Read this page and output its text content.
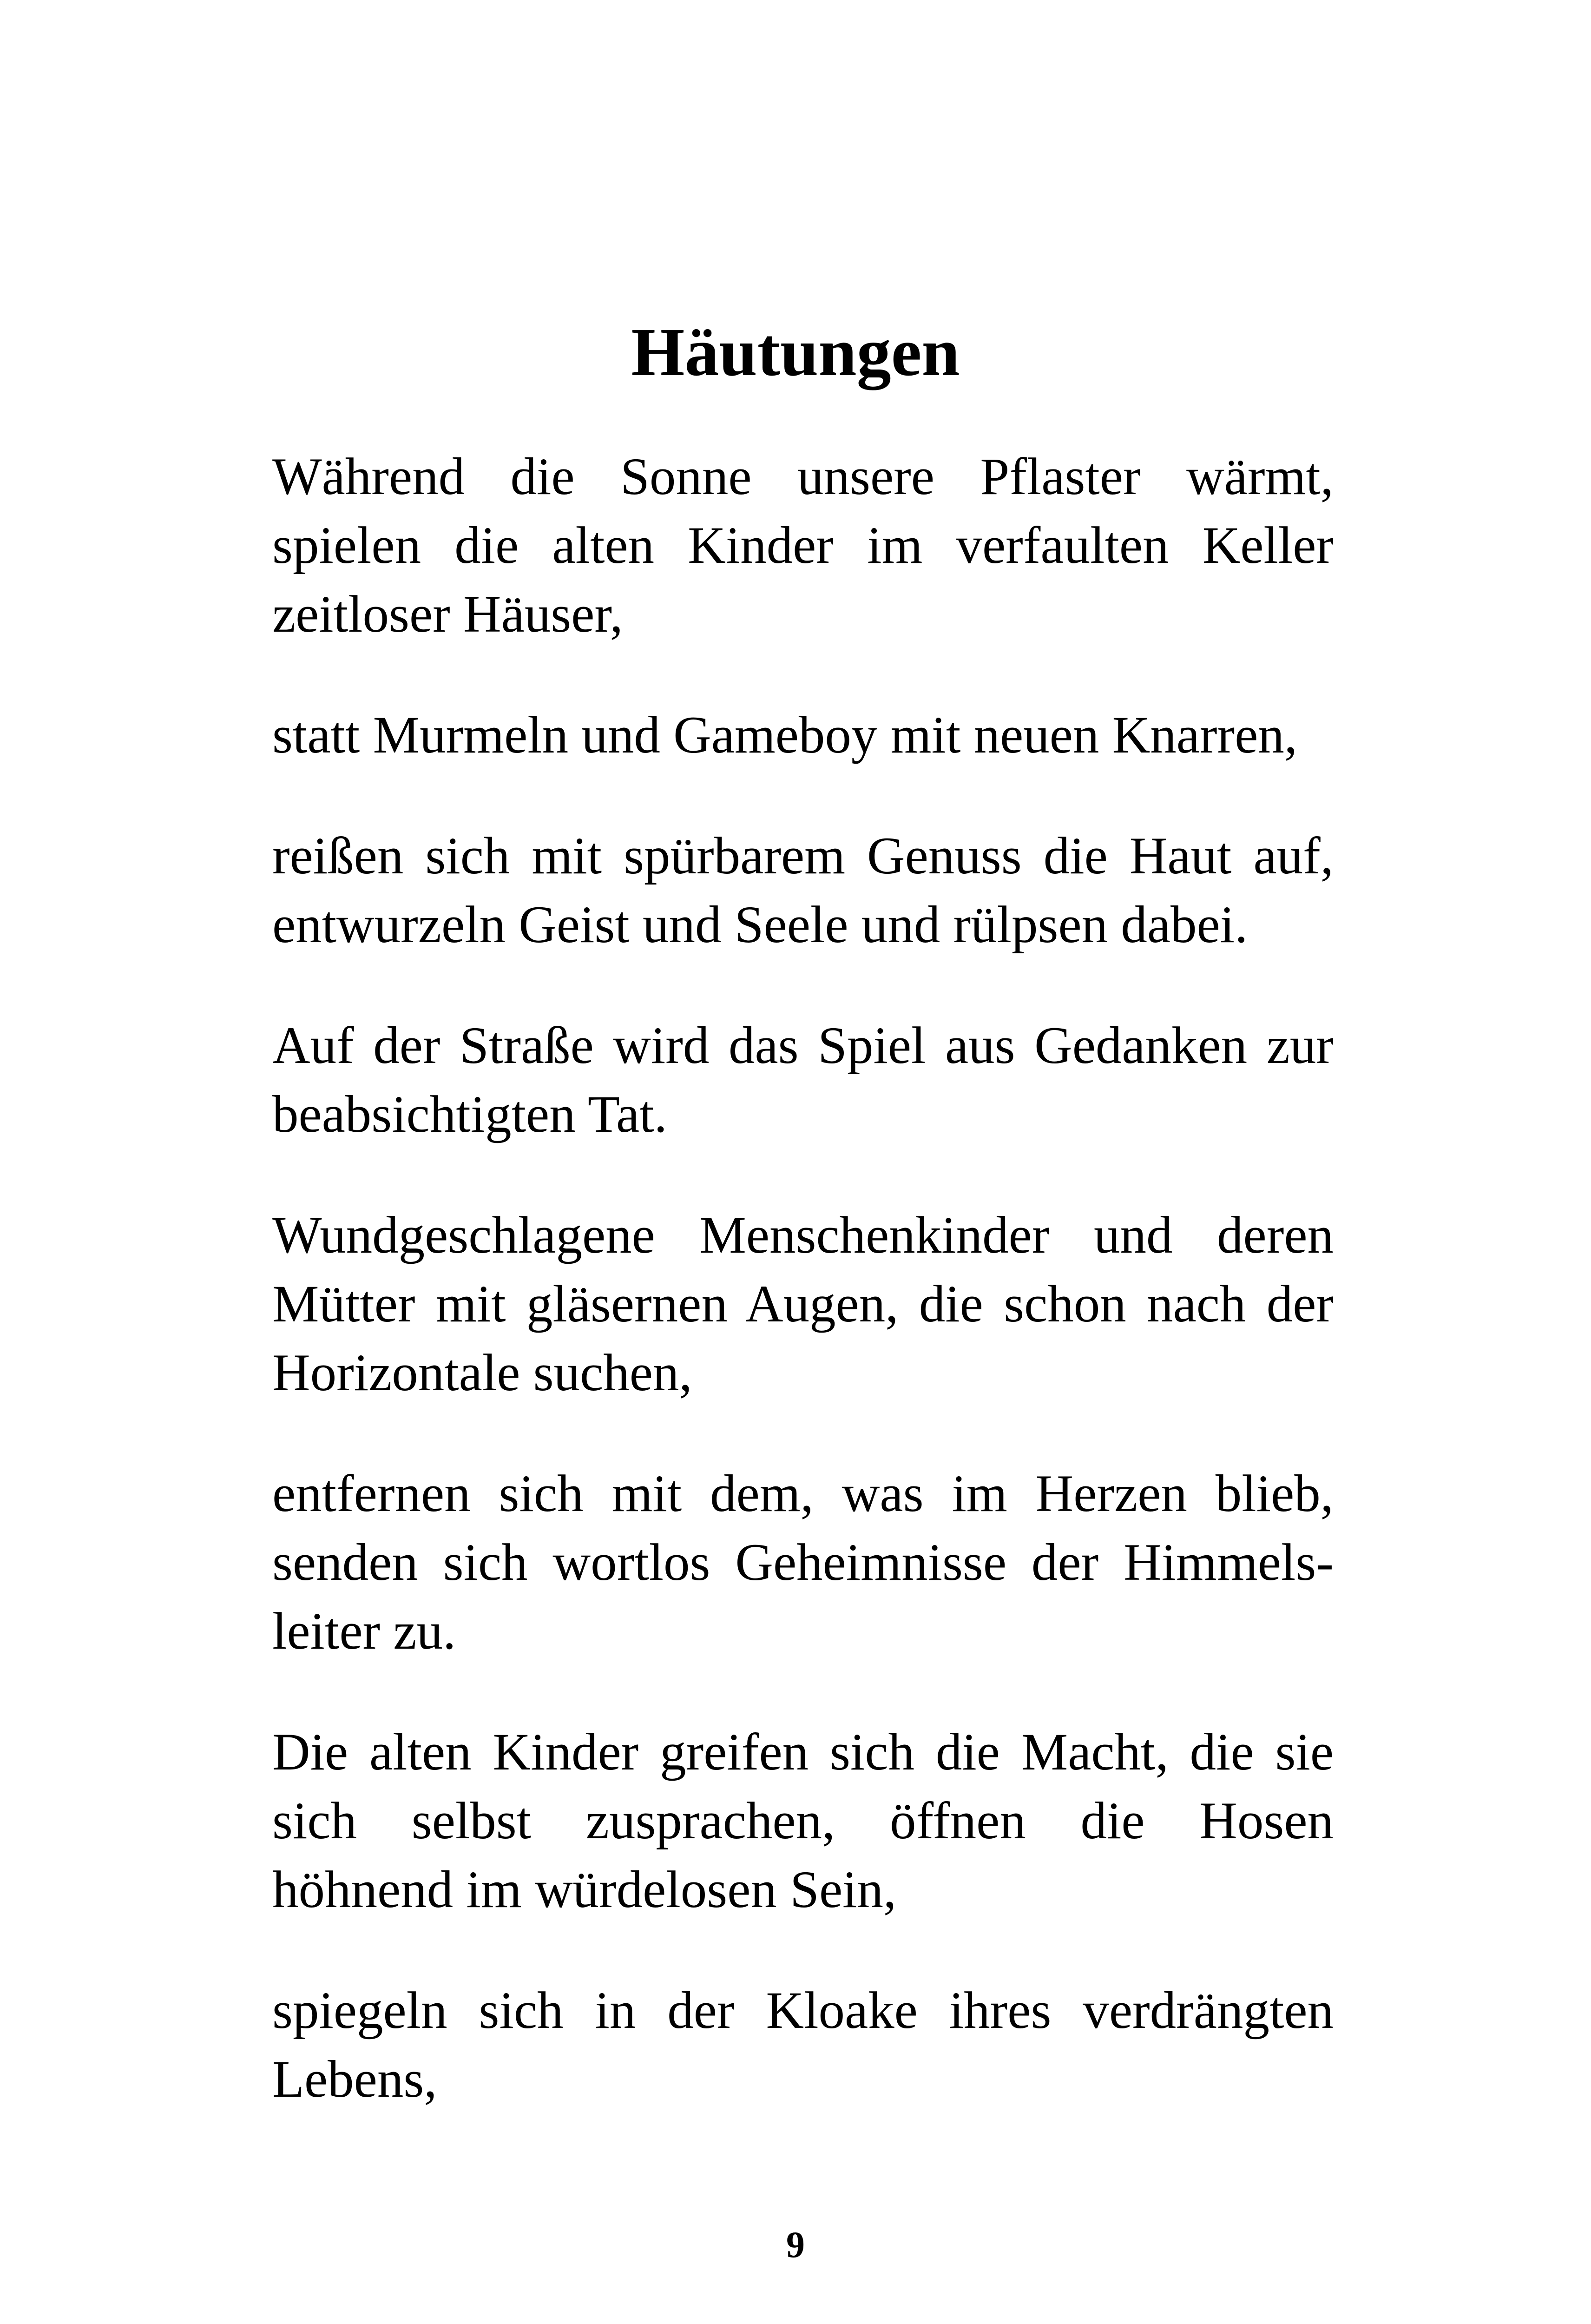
Häutungen

Während die Sonne unsere Pflaster wärmt,
spielen die alten Kinder im verfaulten Keller
zeitloser Häuser,

statt Murmeln und Gameboy mit neuen Knarren,

reißen sich mit spürbarem Genuss die Haut auf,
entwurzeln Geist und Seele und rülpsen dabei.

Auf der Straße wird das Spiel aus Gedanken zur
beabsichtigten Tat.

Wundgeschlagene Menschenkinder und deren
Mütter mit gläsernen Augen, die schon nach der
Horizontale suchen,

entfernen sich mit dem, was im Herzen blieb,
senden sich wortlos Geheimnisse der Himmels-
leiter zu.

Die alten Kinder greifen sich die Macht, die sie
sich selbst zusprachen, öffnen die Hosen
höhnend im würdelosen Sein,

spiegeln sich in der Kloake ihres verdrängten
Lebens,

9
